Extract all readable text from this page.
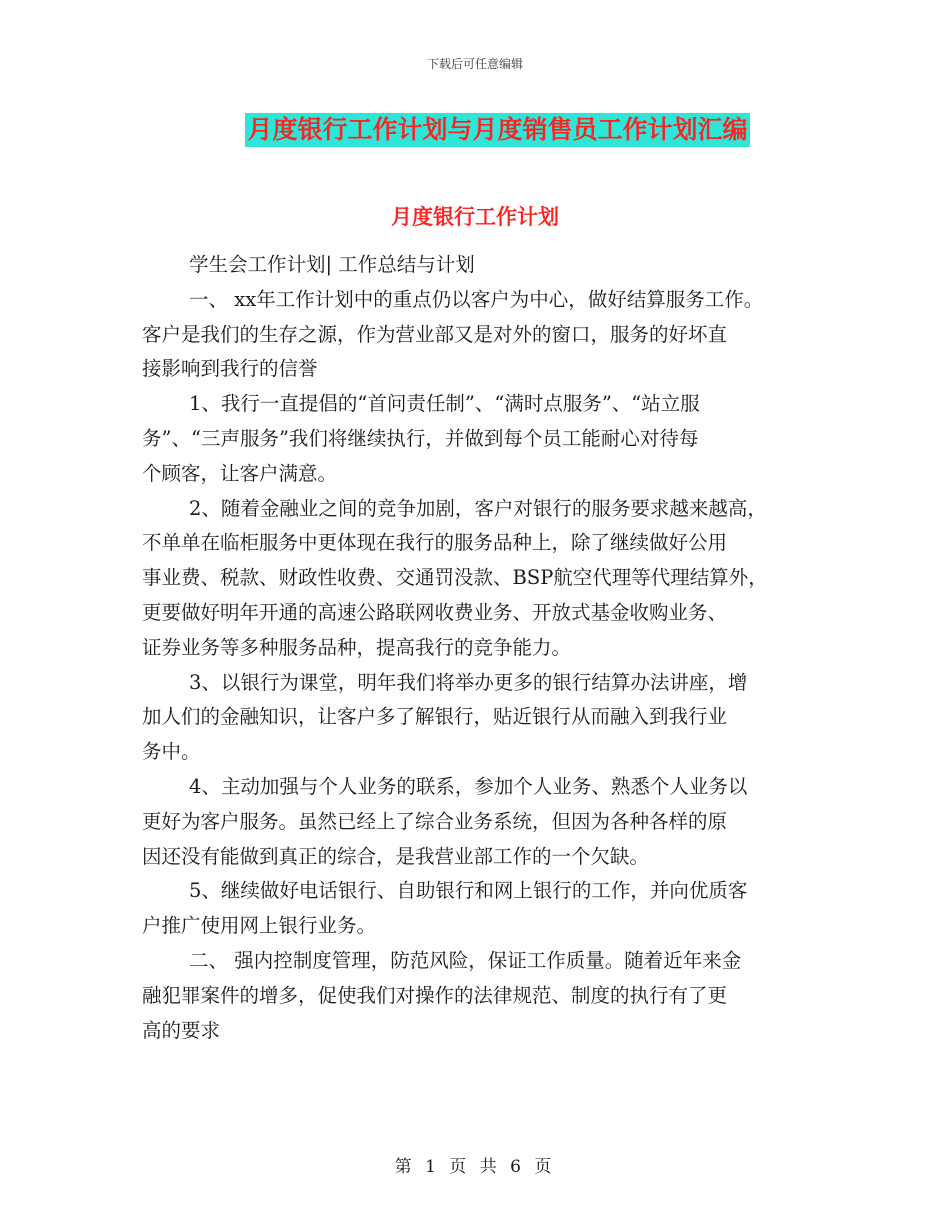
下载后可任意编辑
月度银行工作计划与月度销售员工作计划汇编
月度银行工作计划
学生会工作计划| 工作总结与计划
一、 xx年工作计划中的重点仍以客户为中心，做好结算服务工作。
客户是我们的生存之源，作为营业部又是对外的窗口，服务的好坏直
接影响到我行的信誉
1、我行一直提倡的“首问责任制”、“满时点服务”、“站立服
务”、“三声服务”我们将继续执行，并做到每个员工能耐心对待每
个顾客，让客户满意。
2、随着金融业之间的竞争加剧，客户对银行的服务要求越来越高，
不单单在临柜服务中更体现在我行的服务品种上，除了继续做好公用
事业费、税款、财政性收费、交通罚没款、BSP航空代理等代理结算外，
更要做好明年开通的高速公路联网收费业务、开放式基金收购业务、
证券业务等多种服务品种，提高我行的竞争能力。
3、以银行为课堂，明年我们将举办更多的银行结算办法讲座，增
加人们的金融知识，让客户多了解银行，贴近银行从而融入到我行业
务中。
4、主动加强与个人业务的联系，参加个人业务、熟悉个人业务以
更好为客户服务。虽然已经上了综合业务系统，但因为各种各样的原
因还没有能做到真正的综合，是我营业部工作的一个欠缺。
5、继续做好电话银行、自助银行和网上银行的工作，并向优质客
户推广使用网上银行业务。
二、 强内控制度管理，防范风险，保证工作质量。随着近年来金
融犯罪案件的增多，促使我们对操作的法律规范、制度的执行有了更
高的要求
第 1 页 共 6 页
